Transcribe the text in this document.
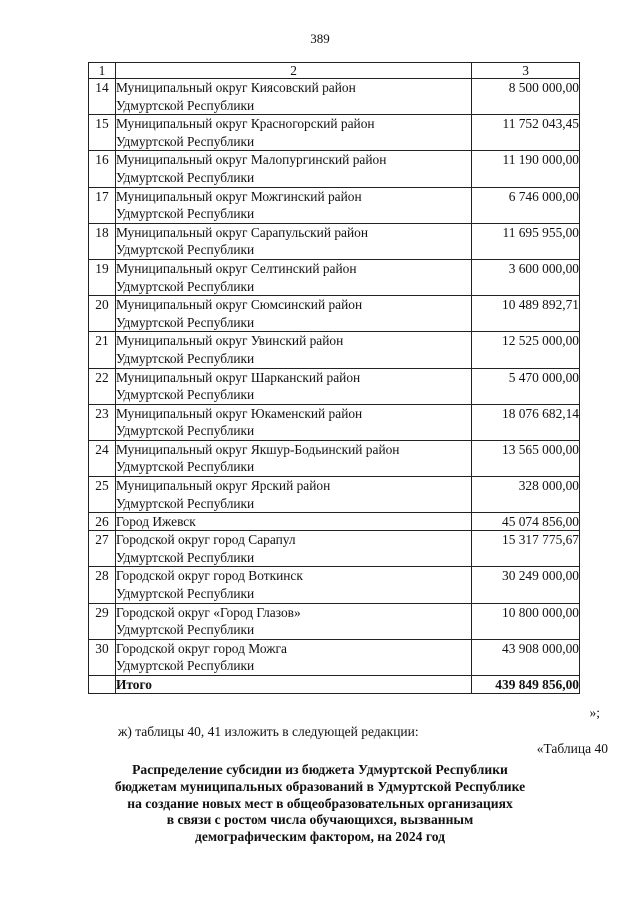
389
1	2	3
14	Муниципальный округ Киясовский район
Удмуртской Республики	8 500 000,00
15	Муниципальный округ Красногорский район
Удмуртской Республики	11 752 043,45
16	Муниципальный округ Малопургинский район
Удмуртской Республики	11 190 000,00
17	Муниципальный округ Можгинский район
Удмуртской Республики	6 746 000,00
18	Муниципальный округ Сарапульский район
Удмуртской Республики	11 695 955,00
19	Муниципальный округ Селтинский район
Удмуртской Республики	3 600 000,00
20	Муниципальный округ Сюмсинский район
Удмуртской Республики	10 489 892,71
21	Муниципальный округ Увинский район
Удмуртской Республики	12 525 000,00
22	Муниципальный округ Шарканский район
Удмуртской Республики	5 470 000,00
23	Муниципальный округ Юкаменский район
Удмуртской Республики	18 076 682,14
24	Муниципальный округ Якшур-Бодьинский район
Удмуртской Республики	13 565 000,00
25	Муниципальный округ Ярский район
Удмуртской Республики	328 000,00
26	Город Ижевск	45 074 856,00
27	Городской округ город Сарапул
Удмуртской Республики	15 317 775,67
28	Городской округ город Воткинск
Удмуртской Республики	30 249 000,00
29	Городской округ «Город Глазов»
Удмуртской Республики	10 800 000,00
30	Городской округ город Можга
Удмуртской Республики	43 908 000,00
	Итого	439 849 856,00
»;
ж) таблицы 40, 41 изложить в следующей редакции:
«Таблица 40
Распределение субсидии из бюджета Удмуртской Республики
бюджетам муниципальных образований в Удмуртской Республике
на создание новых мест в общеобразовательных организациях
в связи с ростом числа обучающихся, вызванным
демографическим фактором, на 2024 год
